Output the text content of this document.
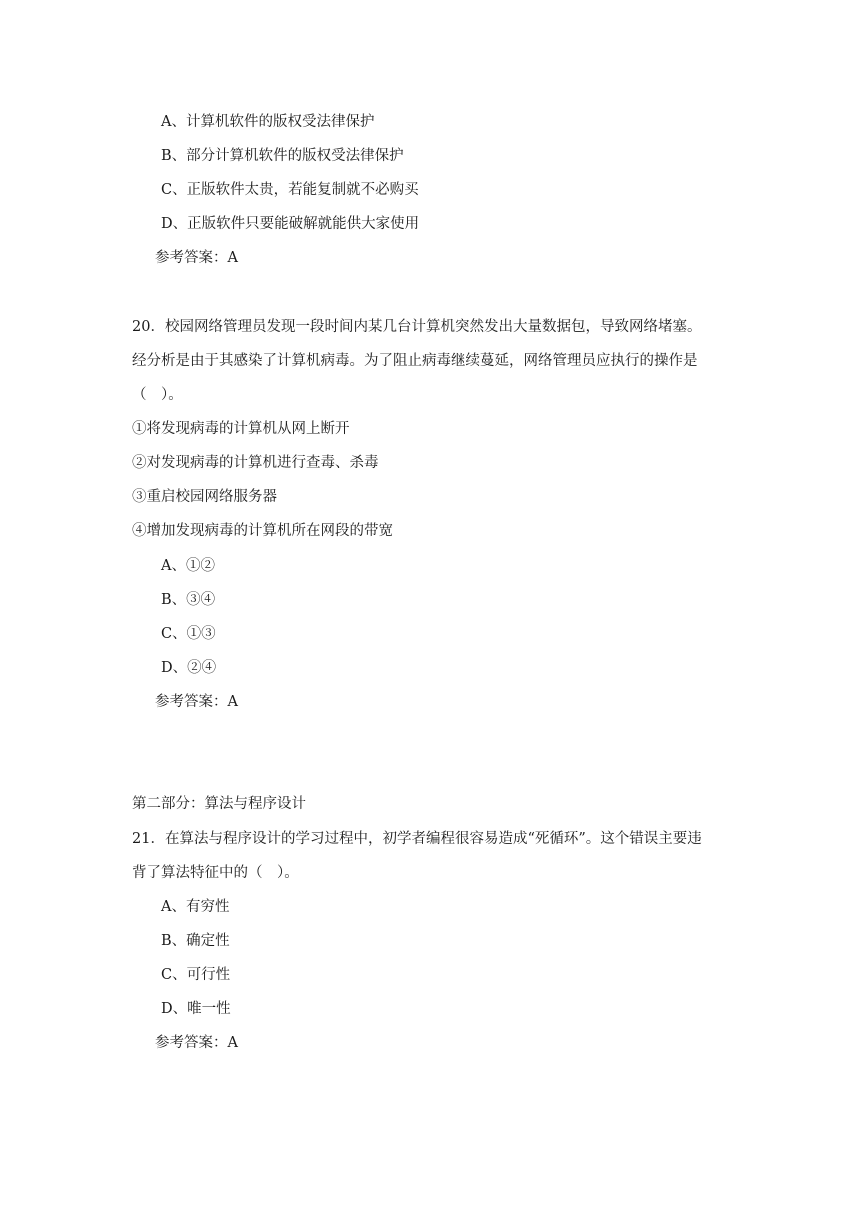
A、计算机软件的版权受法律保护
B、部分计算机软件的版权受法律保护
C、正版软件太贵，若能复制就不必购买
D、正版软件只要能破解就能供大家使用
参考答案：A
20．校园网络管理员发现一段时间内某几台计算机突然发出大量数据包，导致网络堵塞。
经分析是由于其感染了计算机病毒。为了阻止病毒继续蔓延，网络管理员应执行的操作是
（　）。
①将发现病毒的计算机从网上断开
②对发现病毒的计算机进行查毒、杀毒
③重启校园网络服务器
④增加发现病毒的计算机所在网段的带宽
A、①②
B、③④
C、①③
D、②④
参考答案：A
第二部分：算法与程序设计
21．在算法与程序设计的学习过程中，初学者编程很容易造成“死循环”。这个错误主要违
背了算法特征中的（　）。
A、有穷性
B、确定性
C、可行性
D、唯一性
参考答案：A
